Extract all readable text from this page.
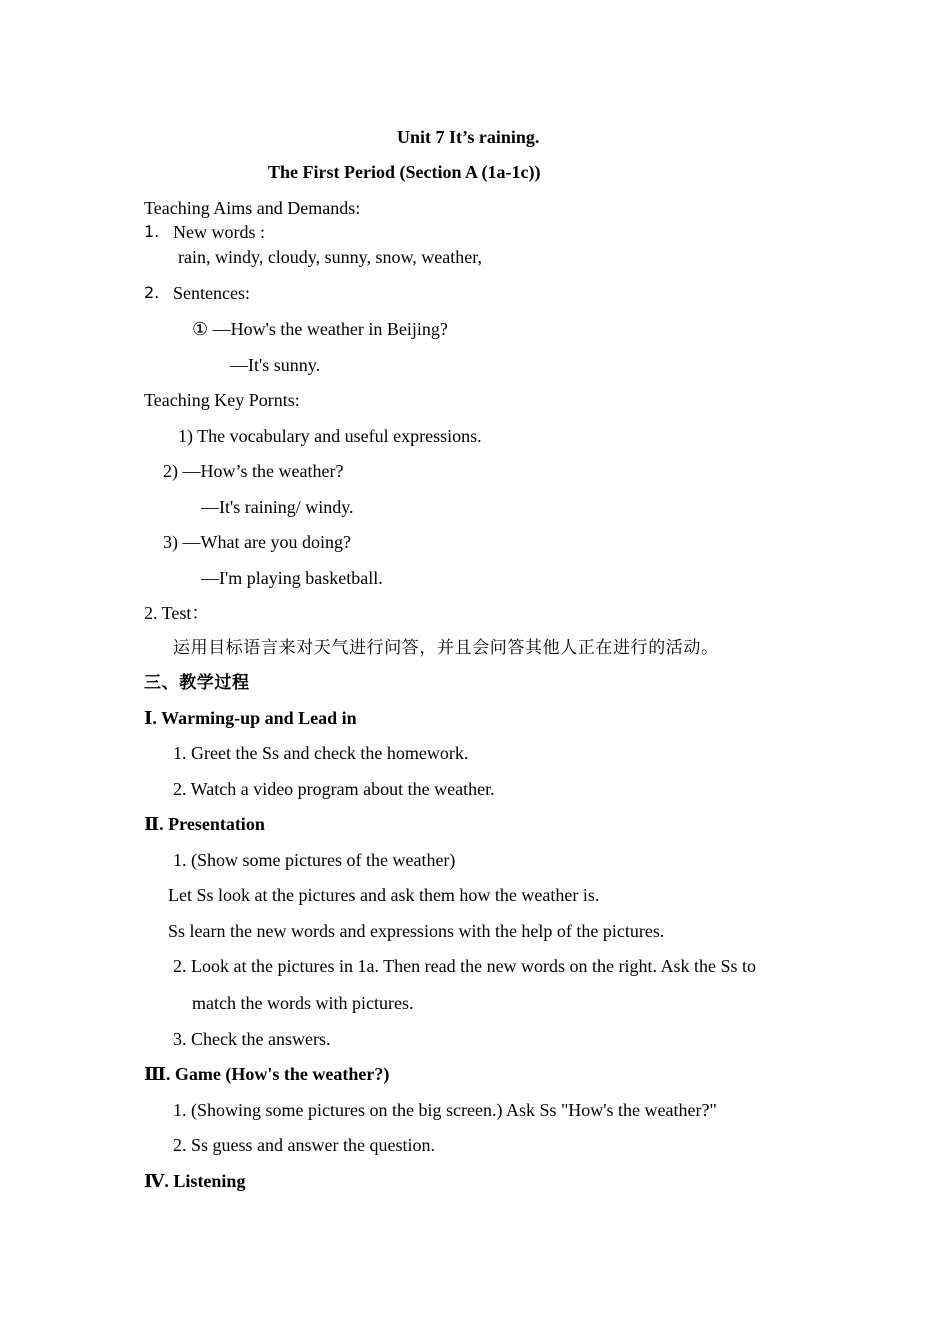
Unit 7 It’s raining.
The First Period (Section A (1a-1c))
Teaching Aims and Demands:
1. New words :
rain, windy, cloudy, sunny, snow, weather,
2. Sentences:
① —How's the weather in Beijing?
—It's sunny.
Teaching Key Pornts:
1) The vocabulary and useful expressions.
2) —How’s the weather?
—It's raining/ windy.
3) —What are you doing?
—I'm playing basketball.
2. Test：
运用目标语言来对天气进行问答，并且会问答其他人正在进行的活动。
三、教学过程
Ⅰ. Warming-up and Lead in
1. Greet the Ss and check the homework.
2. Watch a video program about the weather.
Ⅱ. Presentation
1. (Show some pictures of the weather)
Let Ss look at the pictures and ask them how the weather is.
Ss learn the new words and expressions with the help of the pictures.
2. Look at the pictures in 1a. Then read the new words on the right. Ask the Ss to
match the words with pictures.
3. Check the answers.
Ⅲ. Game (How's the weather?)
1. (Showing some pictures on the big screen.) Ask Ss "How's the weather?"
2. Ss guess and answer the question.
Ⅳ. Listening
